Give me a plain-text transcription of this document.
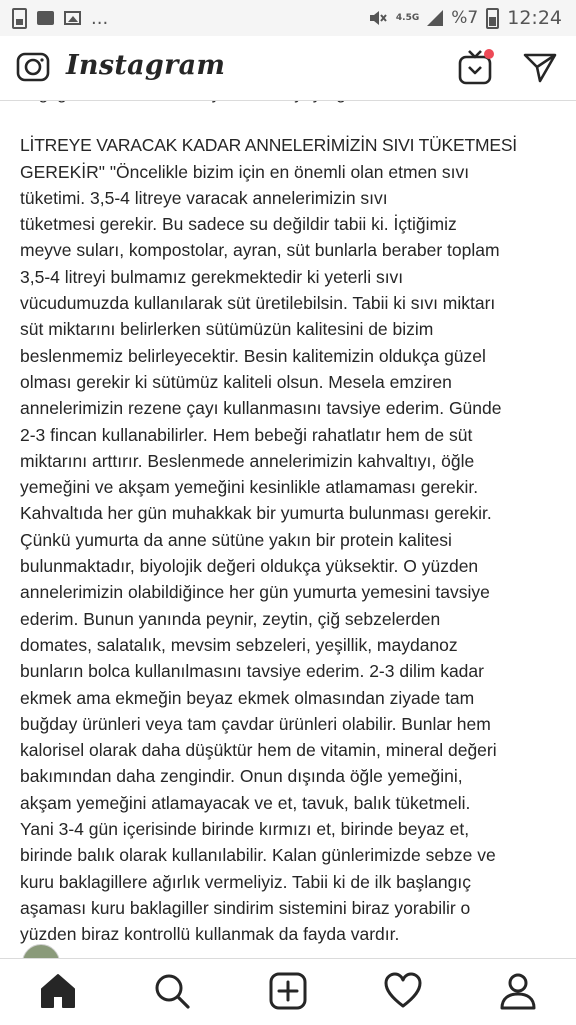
...	4.5G %7 12:24
Instagram

LİTREYE VARACAK KADAR ANNELERİMİZİN SIVI TÜKETMESİ

GEREKİR" "Öncelikle bizim için en önemli olan etmen sıvı

tüketimi. 3,5-4 litreye varacak annelerimizin sıvı

tüketmesi gerekir. Bu sadece su değildir tabii ki. İçtiğimiz

meyve suları, kompostolar, ayran, süt bunlarla beraber toplam

3,5-4 litreyi bulmamız gerekmektedir ki yeterli sıvı

vücudumuzda kullanılarak süt üretilebilsin. Tabii ki sıvı miktarı

süt miktarını belirlerken sütümüzün kalitesini de bizim

beslenmemiz belirleyecektir. Besin kalitemizin oldukça güzel

olması gerekir ki sütümüz kaliteli olsun. Mesela emziren

annelerimizin rezene çayı kullanmasını tavsiye ederim. Günde

2-3 fincan kullanabilirler. Hem bebeği rahatlatır hem de süt

miktarını arttırır. Beslenmede annelerimizin kahvaltıyı, öğle

yemeğini ve akşam yemeğini kesinlikle atlamaması gerekir.

Kahvaltıda her gün muhakkak bir yumurta bulunması gerekir.

Çünkü yumurta da anne sütüne yakın bir protein kalitesi

bulunmaktadır, biyolojik değeri oldukça yüksektir. O yüzden

annelerimizin olabildiğince her gün yumurta yemesini tavsiye

ederim. Bunun yanında peynir, zeytin, çiğ sebzelerden

domates, salatalık, mevsim sebzeleri, yeşillik, maydanoz

bunların bolca kullanılmasını tavsiye ederim. 2-3 dilim kadar

ekmek ama ekmeğin beyaz ekmek olmasından ziyade tam

buğday ürünleri veya tam çavdar ürünleri olabilir. Bunlar hem

kalorisel olarak daha düşüktür hem de vitamin, mineral değeri

bakımından daha zengindir. Onun dışında öğle yemeğini,

akşam yemeğini atlamayacak ve et, tavuk, balık tüketmeli.

Yani 3-4 gün içerisinde birinde kırmızı et, birinde beyaz et,

birinde balık olarak kullanılabilir. Kalan günlerimizde sebze ve

kuru baklagillere ağırlık vermeliyiz. Tabii ki de ilk başlangıç

aşaması kuru baklagiller sindirim sistemini biraz yorabilir o

yüzden biraz kontrollü kullanmak da fayda vardır.
